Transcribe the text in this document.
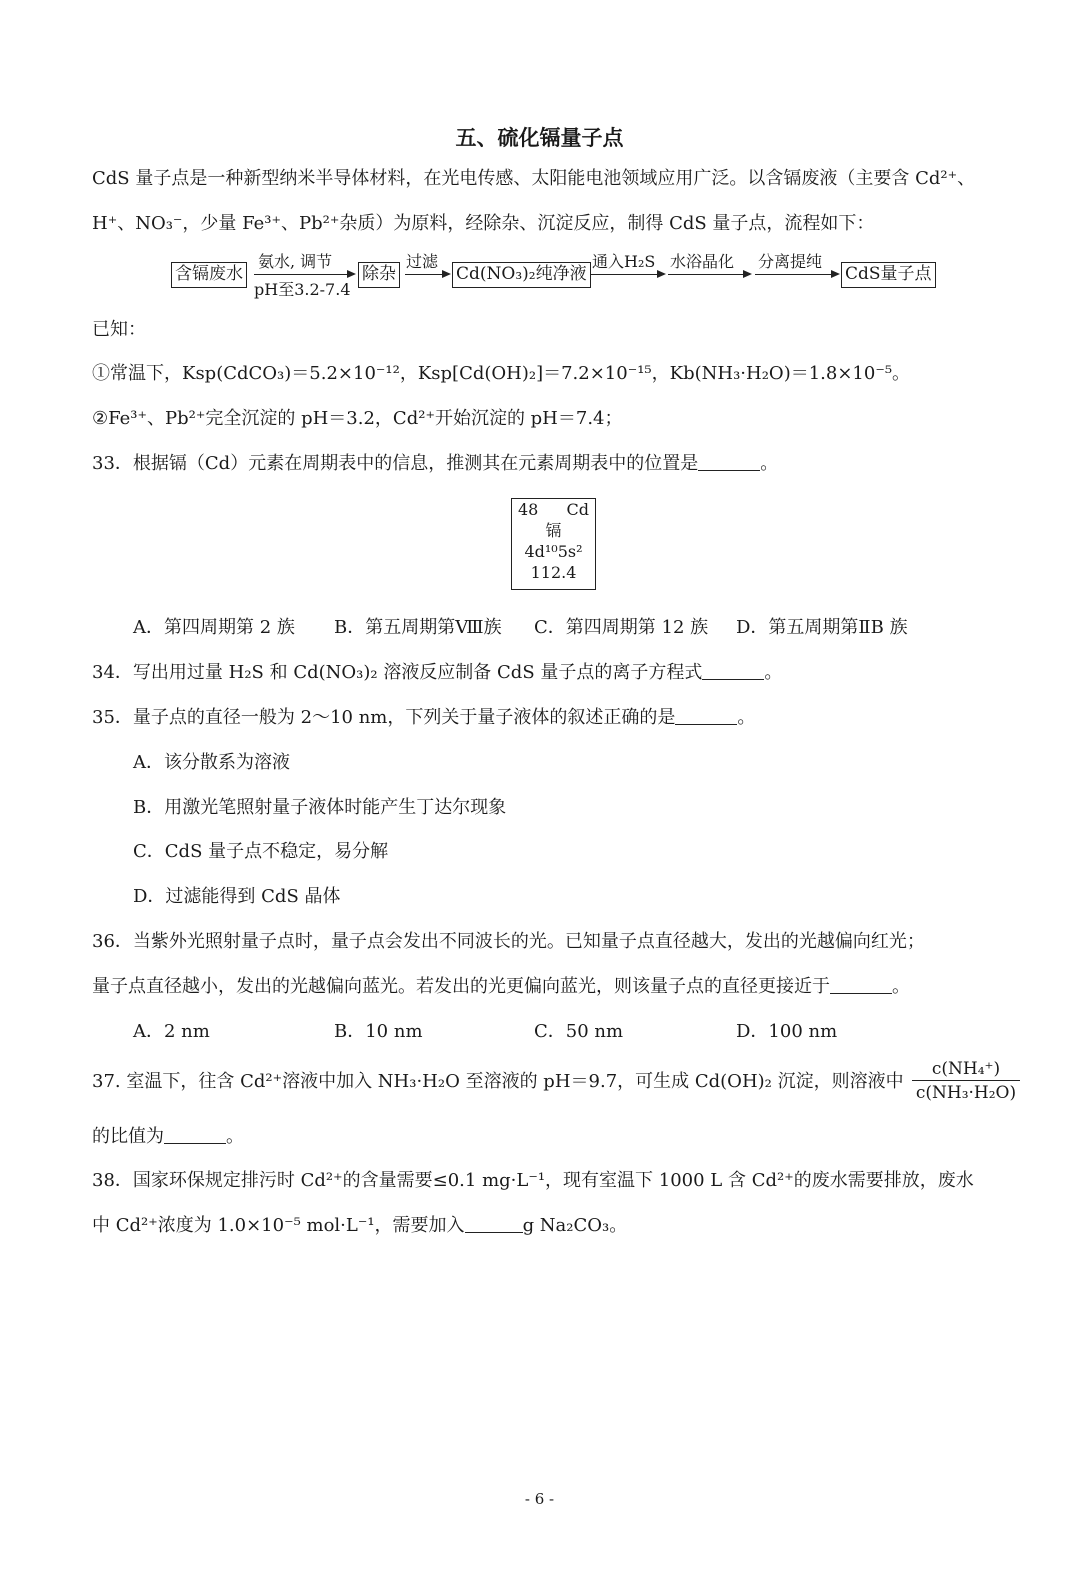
五、硫化镉量子点
CdS 量子点是一种新型纳米半导体材料，在光电传感、太阳能电池领域应用广泛。以含镉废液（主要含 Cd²⁺、
H⁺、NO₃⁻，少量 Fe³⁺、Pb²⁺杂质）为原料，经除杂、沉淀反应，制得 CdS 量子点，流程如下：
含镉废水
氨水, 调节
pH至3.2-7.4
除杂
过滤
Cd(NO₃)₂纯净液
通入H₂S 水浴晶化 分离提纯
CdS量子点
已知：
①常温下，Ksp(CdCO₃)＝5.2×10⁻¹²，Ksp[Cd(OH)₂]＝7.2×10⁻¹⁵，Kb(NH₃·H₂O)＝1.8×10⁻⁵。
②Fe³⁺、Pb²⁺完全沉淀的 pH＝3.2，Cd²⁺开始沉淀的 pH＝7.4；
33．根据镉（Cd）元素在周期表中的信息，推测其在元素周期表中的位置是	。
48 Cd
镉
4d¹⁰5s²
112.4
A．第四周期第 2 族 B．第五周期第Ⅷ族 C．第四周期第 12 族 D．第五周期第ⅡB 族
34．写出用过量 H₂S 和 Cd(NO₃)₂ 溶液反应制备 CdS 量子点的离子方程式	。
35．量子点的直径一般为 2～10 nm，下列关于量子液体的叙述正确的是	。
A．该分散系为溶液
B．用激光笔照射量子液体时能产生丁达尔现象
C．CdS 量子点不稳定，易分解
D．过滤能得到 CdS 晶体
36．当紫外光照射量子点时，量子点会发出不同波长的光。已知量子点直径越大，发出的光越偏向红光；
量子点直径越小，发出的光越偏向蓝光。若发出的光更偏向蓝光，则该量子点的直径更接近于	。
A．2 nm	B．10 nm	C．50 nm	D．100 nm
37. 室温下，往含 Cd²⁺溶液中加入 NH₃·H₂O 至溶液的 pH＝9.7，可生成 Cd(OH)₂ 沉淀，则溶液中 $\frac{\text{c(NH₄⁺)}}{\text{c(NH₃·H₂O)}}$
的比值为	。
38．国家环保规定排污时 Cd²⁺的含量需要≤0.1 mg·L⁻¹，现有室温下 1000 L 含 Cd²⁺的废水需要排放，废水
中 Cd²⁺浓度为 1.0×10⁻⁵ mol·L⁻¹，需要加入	g Na₂CO₃。
- 6 -
